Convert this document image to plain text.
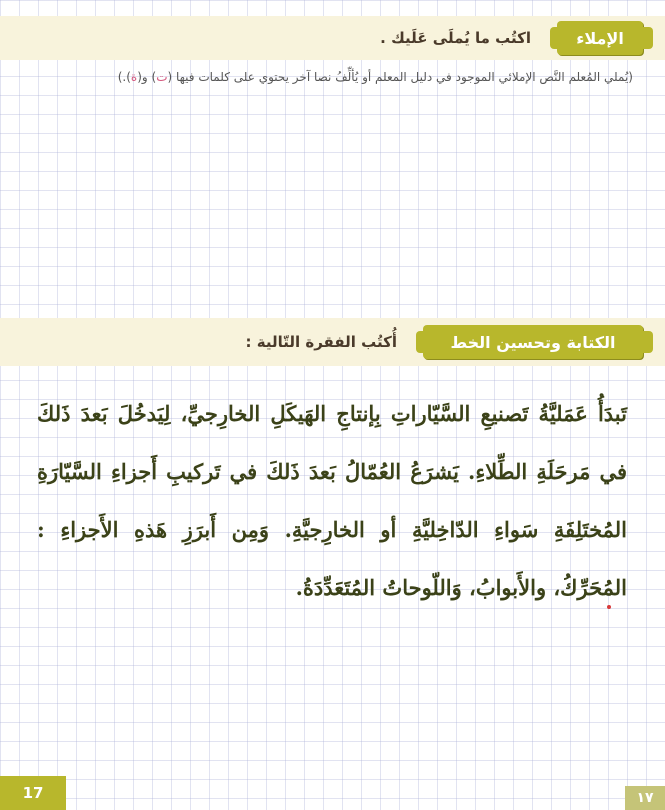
الإملاء
اكتُب ما يُملَى عَلَيك .
(يُملي المُعلم النَّص الإملائي الموجود في دليل المعلم أو يُألِّفُ نصا آخر يحتوي على كلمات فيها (ت) و(ة).)
الكتابة وتحسين الخط
أُكتُب الفقرة التّالية :
تَبدَأُ عَمَليَّةُ تَصنيعِ السَّيّاراتِ بِإنتاجِ الهَيكَلِ الخارِجيِّ، لِيَدخُلَ بَعدَ ذَلكَ في مَرحَلَةِ الطِّلاءِ. يَشرَعُ العُمّالُ بَعدَ ذَلكَ في تَركيبِ أَجزاءِ السَّيّارَةِ المُختَلِفَةِ سَواءِ الدّاخِليَّةِ أو الخارِجيَّةِ. وَمِن أَبرَزِ هَذهِ الأَجزاءِ : المُحَرِّكُ، والأَبوابُ، وَاللّوحاتُ المُتَعَدِّدَةُ.
17	١٧
